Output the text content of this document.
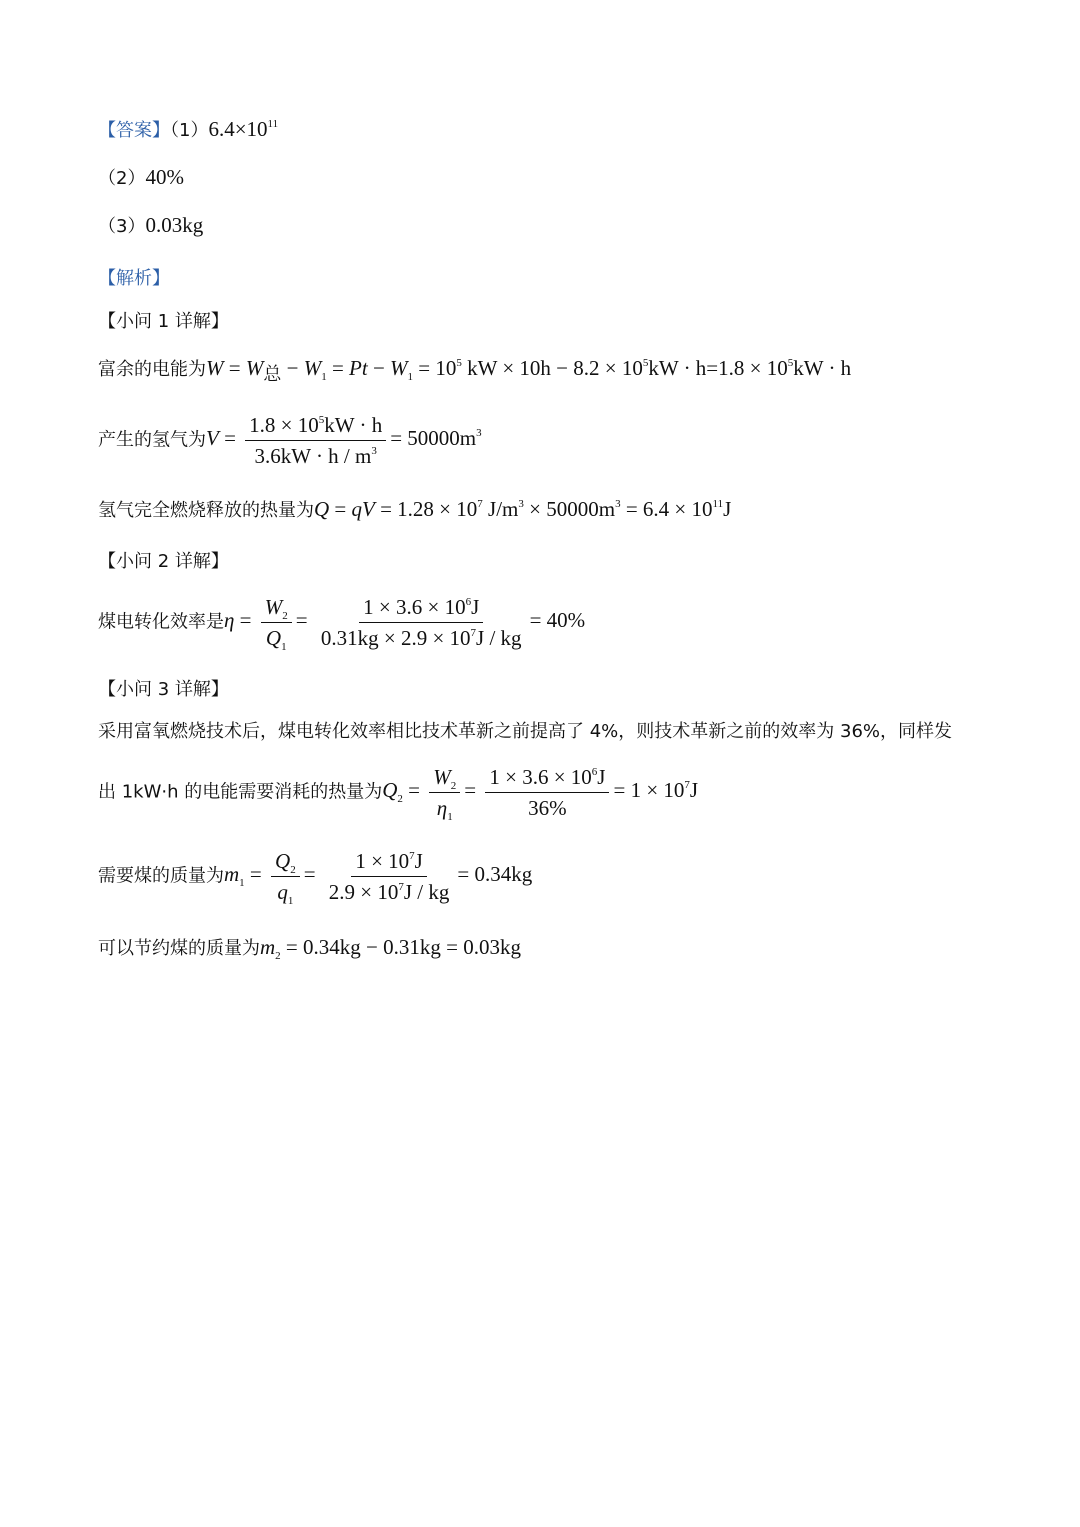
【答案】$(1)6.4\times 10^{11}$
（2）40%
（3）0.03kg
【解析】
【小问 1 详解】
富余的电能为$W = W_总 - W_1 = Pt - W_1 = 10^5$ kW × $10h - 8.2 \times 10^5kW \cdot h=1.8 \times 10^5kW \cdot h$
产生的氢气为$V = \frac{1.8 \times 10^5kW \cdot h}{3.6kW \cdot h / m^3} = 50000m^3$
氢气完全燃烧释放的热量为Q = qV = $1.28 \times 10^7$ $J/m^3 \times 50000m^3 = 6.4 \times 10^{11}J$
【小问 2 详解】
煤电转化效率是$\eta = \frac{W_2}{Q_1} = \frac{1 \times 3.6 \times 10^6J}{0.31kg \times 2.9 \times 10^7J / kg} = 40\%$
【小问 3 详解】
采用富氧燃烧技术后，煤电转化效率相比技术革新之前提高了 4%，则技术革新之前的效率为 36%，同样发
出 1kW·h 的电能需要消耗的热量为$Q_2 = \frac{W_2}{\eta_1} = \frac{1 \times 3.6 \times 10^6J}{36\%} = 1 \times 10^7J$
需要煤的质量为$m_1 = \frac{Q_2}{q_1} = \frac{1 \times 10^7J}{2.9 \times 10^7J / kg} = 0.34kg$
可以节约煤的质量为$m_2 = 0.34kg - 0.31kg = 0.03kg$
